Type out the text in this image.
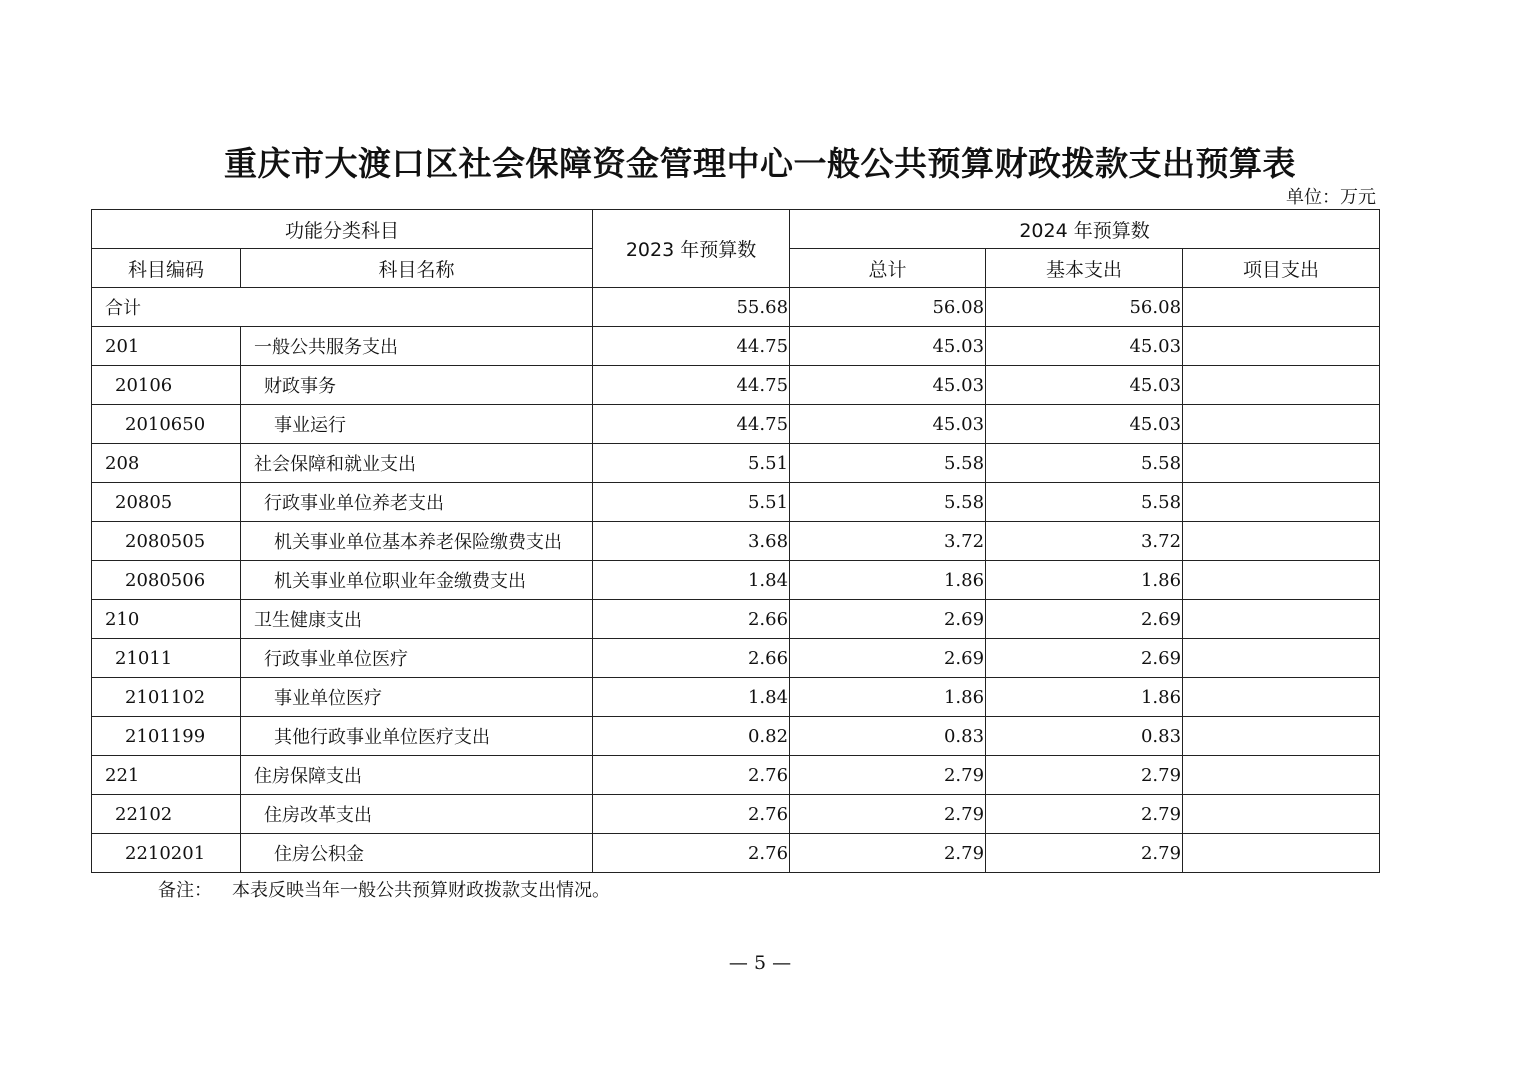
重庆市大渡口区社会保障资金管理中心一般公共预算财政拨款支出预算表
单位：万元
功能分类科目		2023 年预算数	2024 年预算数		
科目编码	科目名称		总计	基本支出	项目支出
合计		55.68	56.08	56.08	
201	一般公共服务支出	44.75	45.03	45.03	
20106	财政事务	44.75	45.03	45.03	
2010650	事业运行	44.75	45.03	45.03	
208	社会保障和就业支出	5.51	5.58	5.58	
20805	行政事业单位养老支出	5.51	5.58	5.58	
2080505	机关事业单位基本养老保险缴费支出	3.68	3.72	3.72	
2080506	机关事业单位职业年金缴费支出	1.84	1.86	1.86	
210	卫生健康支出	2.66	2.69	2.69	
21011	行政事业单位医疗	2.66	2.69	2.69	
2101102	事业单位医疗	1.84	1.86	1.86	
2101199	其他行政事业单位医疗支出	0.82	0.83	0.83	
221	住房保障支出	2.76	2.79	2.79	
22102	住房改革支出	2.76	2.79	2.79	
2210201	住房公积金	2.76	2.79	2.79	
备注： 本表反映当年一般公共预算财政拨款支出情况。
— 5 —
